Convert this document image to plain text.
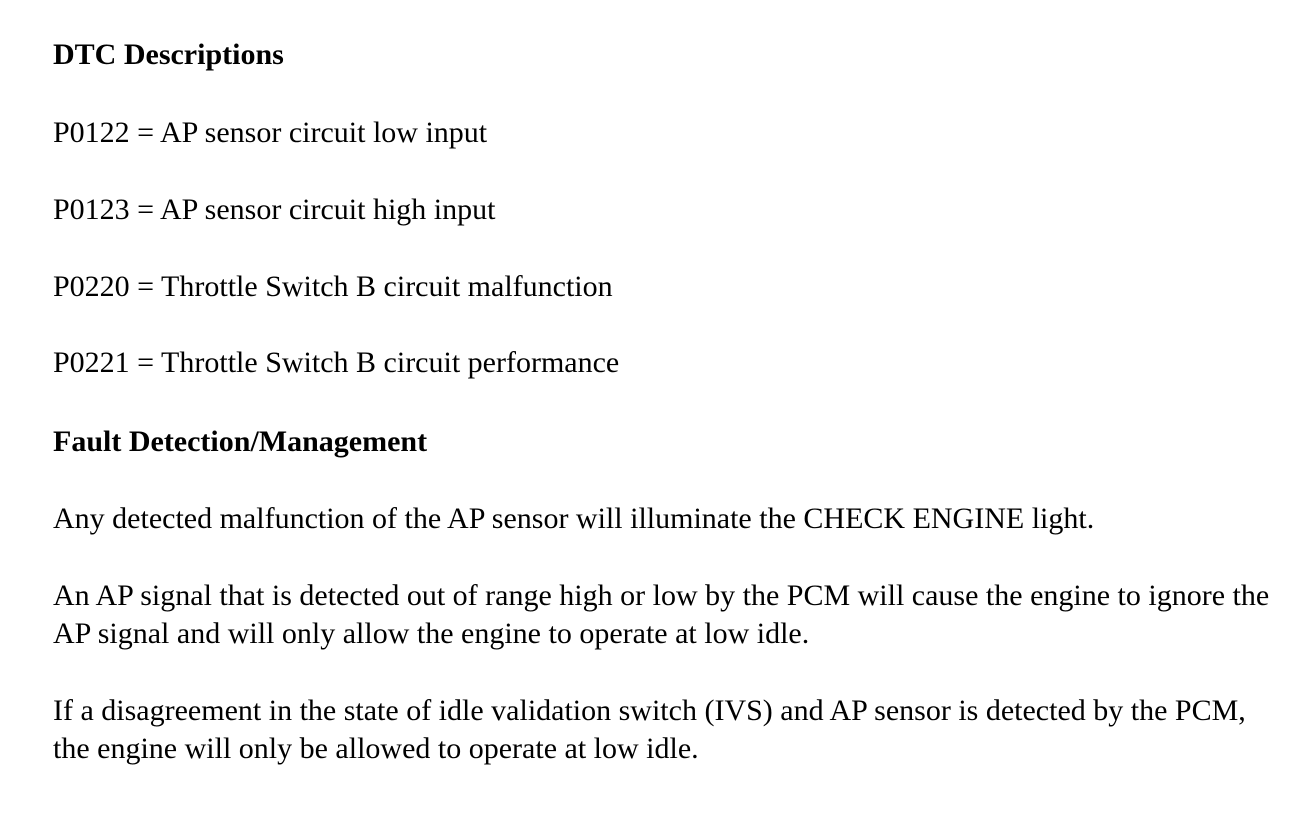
DTC Descriptions

P0122 = AP sensor circuit low input

P0123 = AP sensor circuit high input

P0220 = Throttle Switch B circuit malfunction

P0221 = Throttle Switch B circuit performance

Fault Detection/Management

Any detected malfunction of the AP sensor will illuminate the CHECK ENGINE light.

An AP signal that is detected out of range high or low by the PCM will cause the engine to ignore the AP signal and will only allow the engine to operate at low idle.

If a disagreement in the state of idle validation switch (IVS) and AP sensor is detected by the PCM, the engine will only be allowed to operate at low idle.
